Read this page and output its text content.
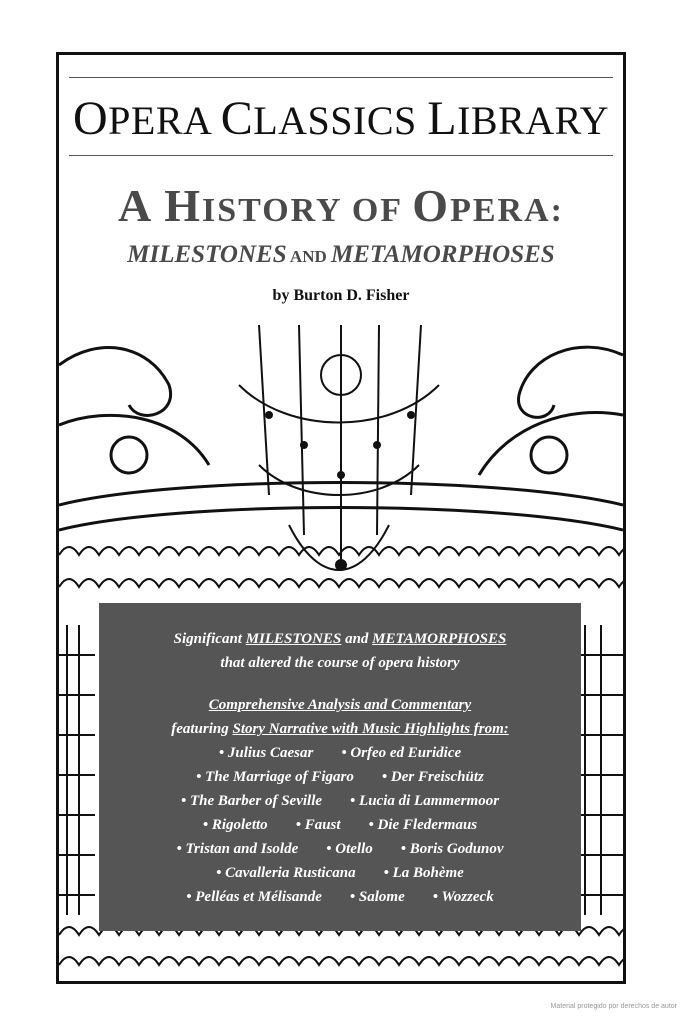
OPERA CLASSICS LIBRARY
A HISTORY OF OPERA:
MILESTONES AND METAMORPHOSES
by Burton D. Fisher
Significant MILESTONES and METAMORPHOSES
that altered the course of opera history
Comprehensive Analysis and Commentary
featuring Story Narrative with Music Highlights from:
• Julius Caesar • Orfeo ed Euridice
• The Marriage of Figaro • Der Freischütz
• The Barber of Seville • Lucia di Lammermoor
• Rigoletto • Faust • Die Fledermaus
• Tristan and Isolde • Otello • Boris Godunov
• Cavalleria Rusticana • La Bohème
• Pelléas et Mélisande • Salome • Wozzeck
Material protegido por derechos de autor
